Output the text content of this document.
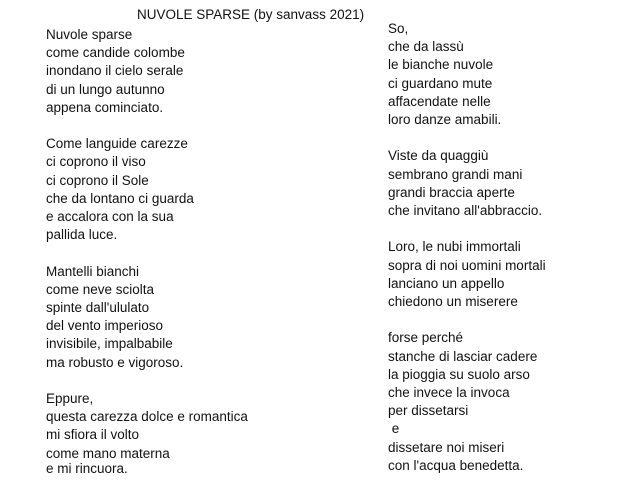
NUVOLE SPARSE (by sanvass 2021)
Nuvole sparse
come candide colombe
inondano il cielo serale
di un lungo autunno
appena cominciato.
Come languide carezze
ci coprono il viso
ci coprono il Sole
che da lontano ci guarda
e accalora con la sua
pallida luce.
Mantelli bianchi
come neve sciolta
spinte dall'ululato
del vento imperioso
invisibile, impalbabile
ma robusto e vigoroso.
Eppure,
questa carezza dolce e romantica
mi sfiora il volto
come mano materna
e mi rincuora.
So,
che da lassù
le bianche nuvole
ci guardano mute
affacendate nelle
loro danze amabili.
Viste da quaggiù
sembrano grandi mani
grandi braccia aperte
che invitano all'abbraccio.
Loro, le nubi immortali
sopra di noi uomini mortali
lanciano un appello
chiedono un miserere
forse perché
stanche di lasciar cadere
la pioggia su suolo arso
che invece la invoca
per dissetarsi
e
dissetare noi miseri
con l'acqua benedetta.
